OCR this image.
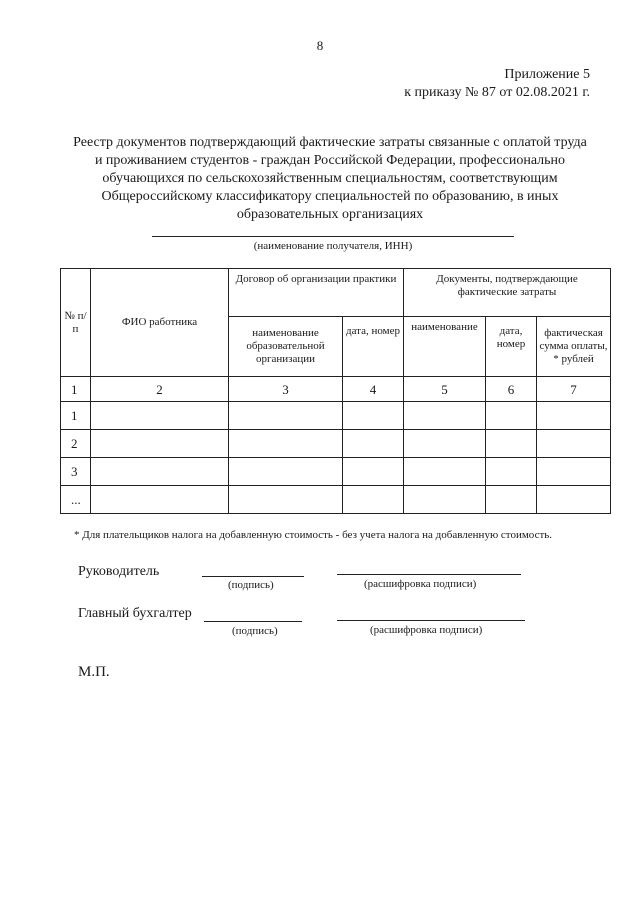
8
Приложение 5
к приказу № 87 от 02.08.2021 г.
Реестр документов подтверждающий фактические затраты связанные с оплатой труда и проживанием студентов - граждан Российской Федерации, профессионально обучающихся по сельскохозяйственным специальностям, соответствующим Общероссийскому классификатору специальностей по образованию, в иных образовательных организациях
(наименование получателя, ИНН)
№ п/п	ФИО работника	Договор об организации практики		Документы, подтверждающие фактические затраты		
		наименование образовательной организации	дата, номер	наименование	дата, номер	фактическая сумма оплаты, * рублей
1	2	3	4	5	6	7
1						
2						
3						
...						
* Для плательщиков налога на добавленную стоимость - без учета налога на добавленную стоимость.
Руководитель
(подпись)	(расшифровка подписи)
Главный бухгалтер
(подпись)	(расшифровка подписи)
М.П.
